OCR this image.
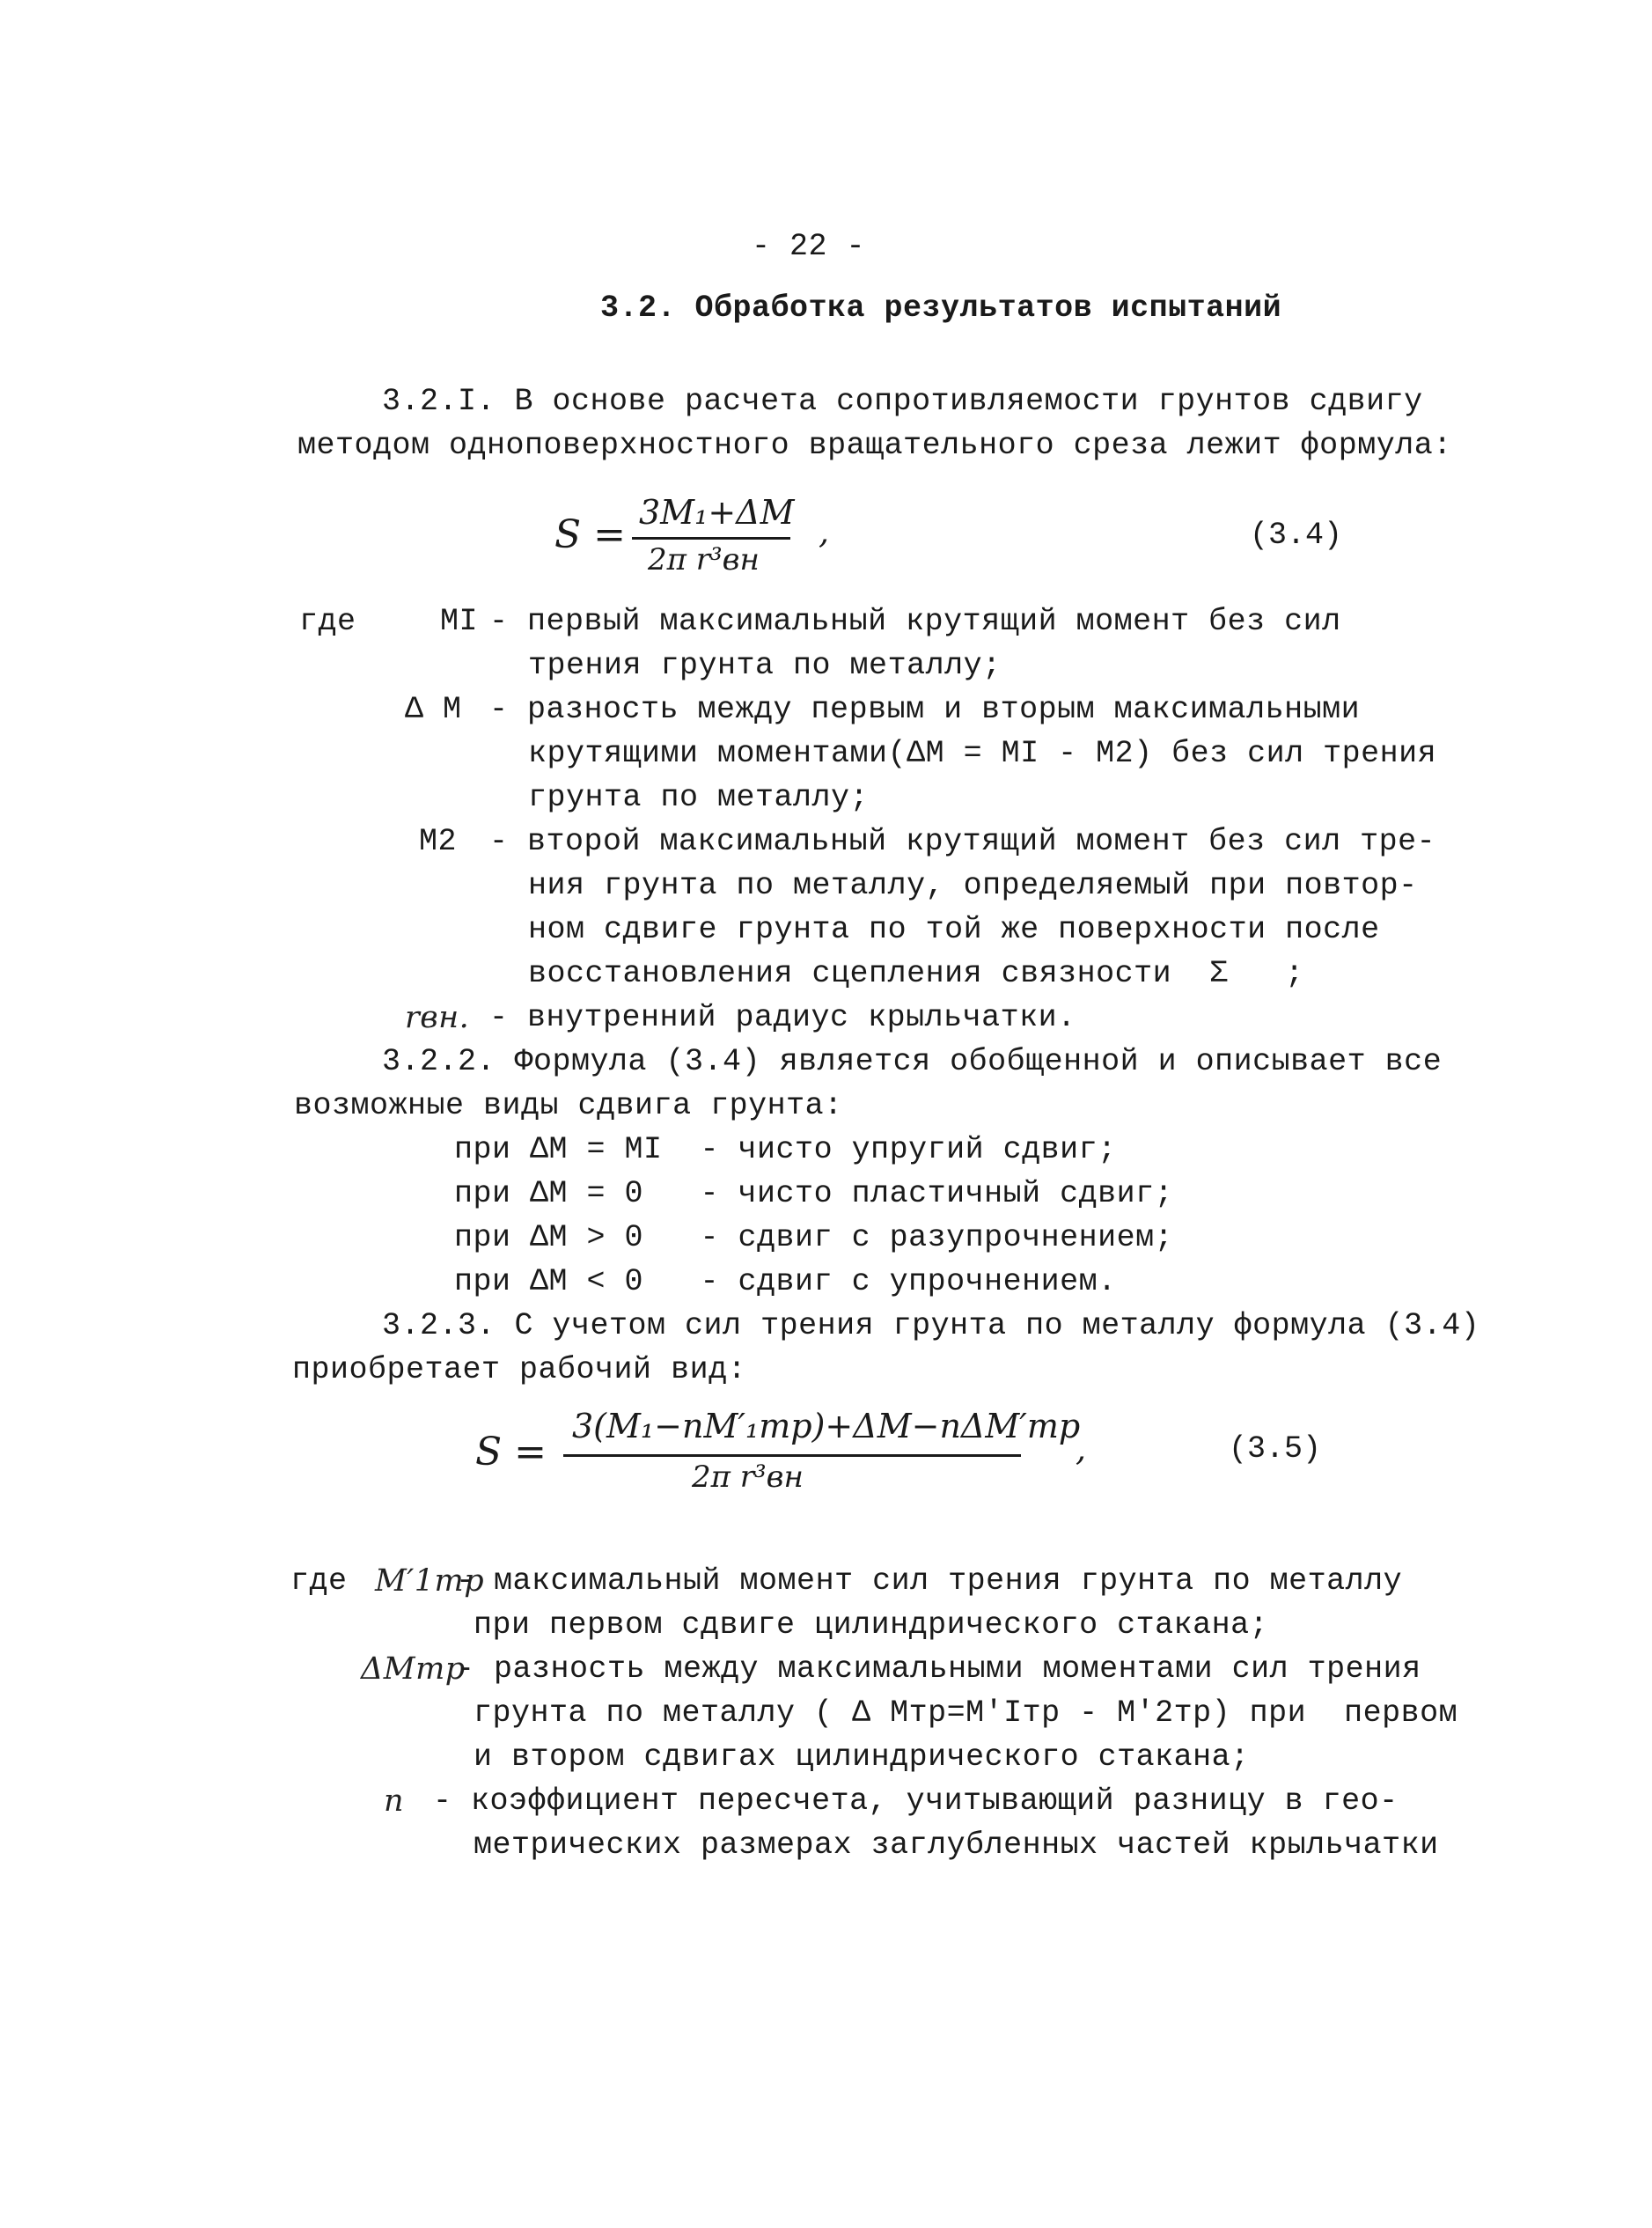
- 22 -
3.2. Обработка результатов испытаний
3.2.I. В основе расчета сопротивляемости грунтов сдвигу
методом одноповерхностного вращательного среза лежит формула:
S = 3M₁+ΔM
2π r³вн
,	(3.4)
где	MI - первый максимальный крутящий момент без сил
трения грунта по металлу;
Δ M - разность между первым и вторым максимальными
крутящими моментами(ΔM = MI - M2) без сил трения
грунта по металлу;
M2 - второй максимальный крутящий момент без сил тре-
ния грунта по металлу, определяемый при повтор-
ном сдвиге грунта по той же поверхности после
восстановления сцепления связности  Σ   ;
rвн. - внутренний радиус крыльчатки.
3.2.2. Формула (3.4) является обобщенной и описывает все
возможные виды сдвига грунта:
при ΔM = MI  - чисто упругий сдвиг;
при ΔM = 0   - чисто пластичный сдвиг;
при ΔM > 0   - сдвиг с разупрочнением;
при ΔM < 0   - сдвиг с упрочнением.
3.2.3. С учетом сил трения грунта по металлу формула (3.4)
приобретает рабочий вид:
S =
3(M₁−nM′₁тр)+ΔM−nΔM′тр
2π r³вн
,	(3.5)
где M′1тр
- максимальный момент сил трения грунта по металлу
при первом сдвиге цилиндрического стакана;
ΔMтр
- разность между максимальными моментами сил трения
грунта по металлу ( Δ Mтр=M′Iтр - M′2тр) при  первом
и втором сдвигах цилиндрического стакана;
n - коэффициент пересчета, учитывающий разницу в гео-
метрических размерах заглубленных частей крыльчатки
